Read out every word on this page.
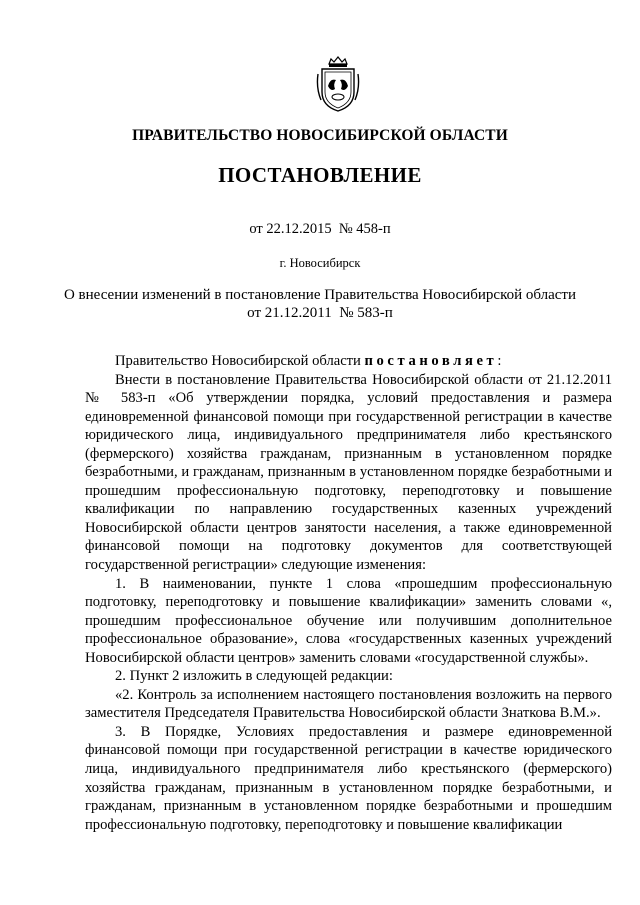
ПРАВИТЕЛЬСТВО НОВОСИБИРСКОЙ ОБЛАСТИ
ПОСТАНОВЛЕНИЕ
от 22.12.2015  № 458-п
г. Новосибирск
О внесении изменений в постановление Правительства Новосибирской области
от 21.12.2011  № 583-п

Правительство Новосибирской области постановляет:

Внести в постановление Правительства Новосибирской области от 21.12.2011 № 583-п «Об утверждении порядка, условий предоставления и размера единовременной финансовой помощи при государственной регистрации в качестве юридического лица, индивидуального предпринимателя либо крестьянского (фермерского) хозяйства гражданам, признанным в установленном порядке безработными, и гражданам, признанным в установленном порядке безработными и прошедшим профессиональную подготовку, переподготовку и повышение квалификации по направлению государственных казенных учреждений Новосибирской области центров занятости населения, а также единовременной финансовой помощи на подготовку документов для соответствующей государственной регистрации» следующие изменения:

1. В наименовании, пункте 1 слова «прошедшим профессиональную подготовку, переподготовку и повышение квалификации» заменить словами «, прошедшим профессиональное обучение или получившим дополнительное профессиональное образование», слова «государственных казенных учреждений Новосибирской области центров» заменить словами «государственной службы».

2. Пункт 2 изложить в следующей редакции:

«2. Контроль за исполнением настоящего постановления возложить на первого заместителя Председателя Правительства Новосибирской области Знаткова В.М.».

3. В Порядке, Условиях предоставления и размере единовременной финансовой помощи при государственной регистрации в качестве юридического лица, индивидуального предпринимателя либо крестьянского (фермерского) хозяйства гражданам, признанным в установленном порядке безработными, и гражданам, признанным в установленном порядке безработными и прошедшим профессиональную подготовку, переподготовку и повышение квалификации
